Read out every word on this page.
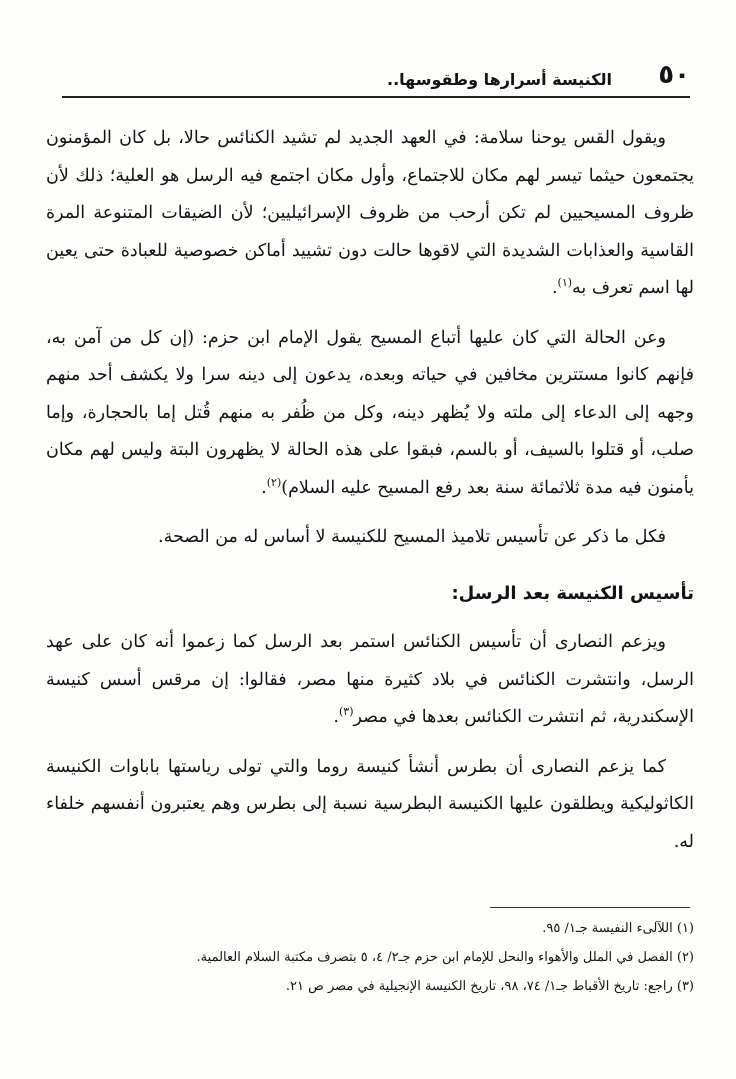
٥٠
الكنيسة أسرارها وطقوسها..

ويقول القس يوحنا سلامة: في العهد الجديد لم تشيد الكنائس حالا، بل كان المؤمنون يجتمعون حيثما تيسر لهم مكان للاجتماع، وأول مكان اجتمع فيه الرسل هو العلية؛ ذلك لأن ظروف المسيحيين لم تكن أرحب من ظروف الإسرائيليين؛ لأن الضيقات المتنوعة المرة القاسية والعذابات الشديدة التي لاقوها حالت دون تشييد أماكن خصوصية للعبادة حتى يعين لها اسم تعرف به$^{(١)}$.

وعن الحالة التي كان عليها أتباع المسيح يقول الإمام ابن حزم: (إن كل من آمن به، فإنهم كانوا مستترين مخافين في حياته وبعده، يدعون إلى دينه سرا ولا يكشف أحد منهم وجهه إلى الدعاء إلى ملته ولا يُظهر دينه، وكل من ظُفر به منهم قُتل إما بالحجارة، وإما صلب، أو قتلوا بالسيف، أو بالسم، فبقوا على هذه الحالة لا يظهرون البتة وليس لهم مكان يأمنون فيه مدة ثلاثمائة سنة بعد رفع المسيح عليه السلام)$^{(٢)}$.

فكل ما ذكر عن تأسيس تلاميذ المسيح للكنيسة لا أساس له من الصحة.

تأسيس الكنيسة بعد الرسل:

ويزعم النصارى أن تأسيس الكنائس استمر بعد الرسل كما زعموا أنه كان على عهد الرسل، وانتشرت الكنائس في بلاد كثيرة منها مصر، فقالوا: إن مرقس أسس كنيسة الإسكندرية، ثم انتشرت الكنائس بعدها في مصر$^{(٣)}$.

كما يزعم النصارى أن بطرس أنشأ كنيسة روما والتي تولى رياستها باباوات الكنيسة الكاثوليكية ويطلقون عليها الكنيسة البطرسية نسبة إلى بطرس وهم يعتبرون أنفسهم خلفاء له.

(١) اللآلىء النفيسة جـ١/ ٩٥.
(٢) الفصل في الملل والأهواء والنحل للإمام ابن حزم جـ٢/ ٤، ٥ بتصرف مكتبة السلام العالمية.
(٣) راجع: تاريخ الأقباط جـ١/ ٧٤، ٩٨، تاريخ الكنيسة الإنجيلية في مصر ص ٢١.
